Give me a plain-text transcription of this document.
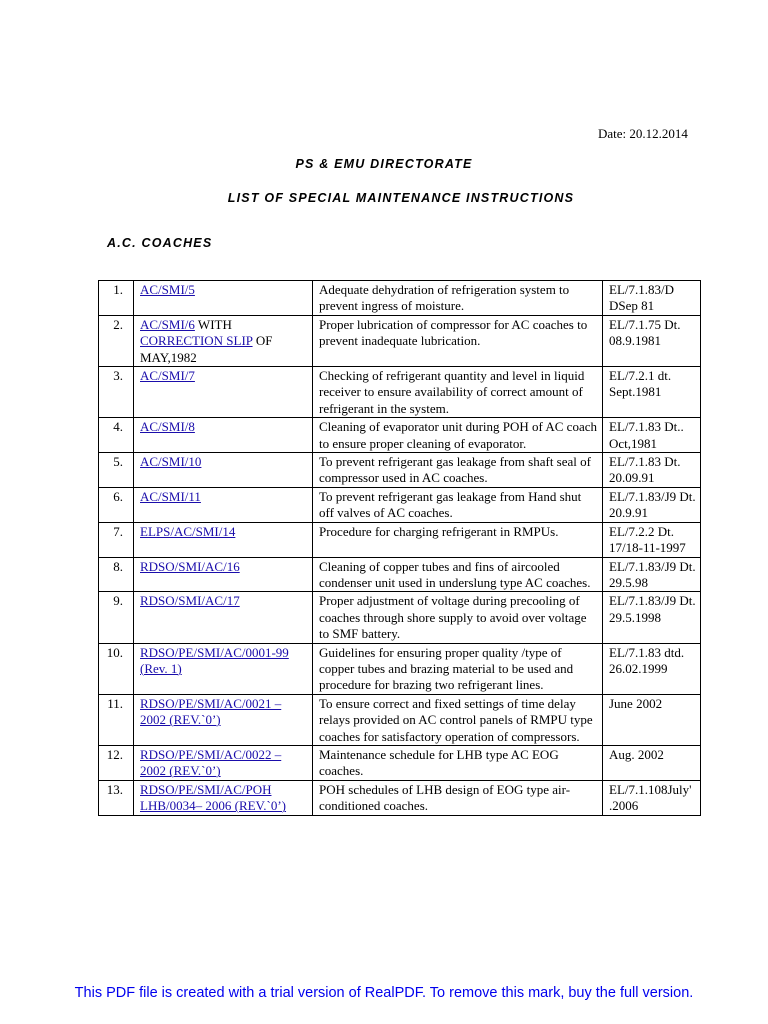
Date: 20.12.2014
PS & EMU DIRECTORATE
LIST OF SPECIAL MAINTENANCE INSTRUCTIONS
A.C. COACHES
1.	AC/SMI/5	Adequate dehydration of refrigeration system to prevent ingress of moisture.	EL/7.1.83/D DSep 81
2.	AC/SMI/6 WITH CORRECTION SLIP OF MAY,1982	Proper lubrication of compressor for AC coaches to prevent inadequate lubrication.	EL/7.1.75 Dt. 08.9.1981
3.	AC/SMI/7	Checking of refrigerant quantity and level in liquid receiver to ensure availability of correct amount of refrigerant in the system.	EL/7.2.1 dt. Sept.1981
4.	AC/SMI/8	Cleaning of evaporator unit during POH of AC coach to ensure proper cleaning of evaporator.	EL/7.1.83 Dt.. Oct,1981
5.	AC/SMI/10	To prevent refrigerant gas leakage from shaft seal of compressor used in AC coaches.	EL/7.1.83 Dt. 20.09.91
6.	AC/SMI/11	To prevent refrigerant gas leakage from Hand shut off valves of AC coaches.	EL/7.1.83/J9 Dt. 20.9.91
7.	ELPS/AC/SMI/14	Procedure for charging refrigerant in RMPUs.	EL/7.2.2 Dt. 17/18-11-1997
8.	RDSO/SMI/AC/16	Cleaning of copper tubes and fins of aircooled condenser unit used in underslung type AC coaches.	EL/7.1.83/J9 Dt. 29.5.98
9.	RDSO/SMI/AC/17	Proper adjustment of voltage during precooling of coaches through shore supply to avoid over voltage to SMF battery.	EL/7.1.83/J9 Dt. 29.5.1998
10.	RDSO/PE/SMI/AC/0001-99 (Rev. 1)	Guidelines for ensuring proper quality /type of copper tubes and brazing material to be used and procedure for brazing two refrigerant lines.	EL/7.1.83 dtd. 26.02.1999
11.	RDSO/PE/SMI/AC/0021 – 2002 (REV.`0’)	To ensure correct and fixed settings of time delay relays provided on AC control panels of RMPU type coaches for satisfactory operation of compressors.	June 2002
12.	RDSO/PE/SMI/AC/0022 – 2002 (REV.`0’)	Maintenance schedule for LHB type AC EOG coaches.	Aug. 2002
13.	RDSO/PE/SMI/AC/POH LHB/0034– 2006 (REV.`0’)	POH schedules of LHB design of EOG type air-conditioned coaches.	EL/7.1.108July' .2006
This PDF file is created with a trial version of RealPDF. To remove this mark, buy the full version.
